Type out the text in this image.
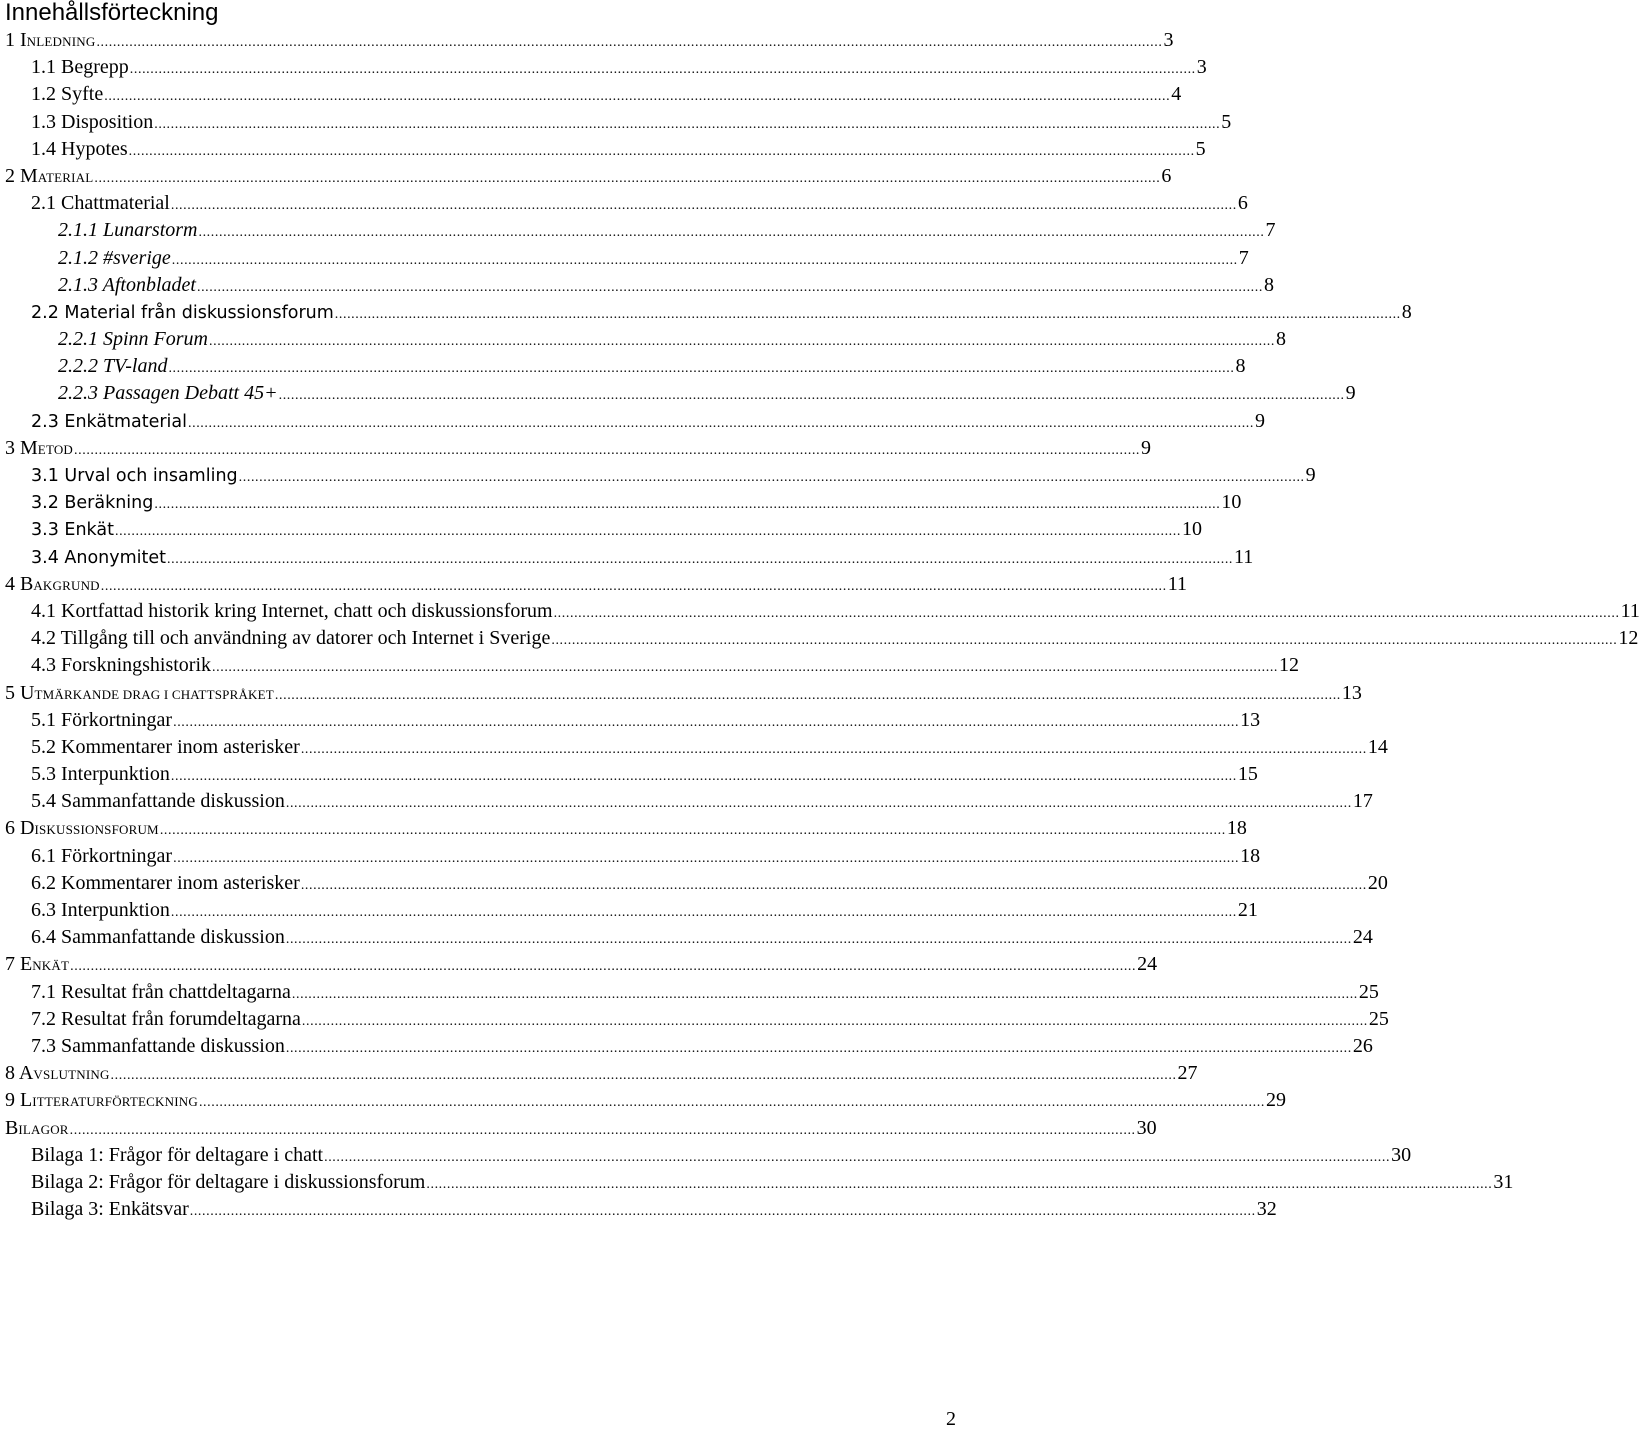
Innehållsförteckning
1 INLEDNING .................................................................................................................................................................................................................................................................... 3
1.1 Begrepp .................................................................................................................................................................................................................................................................... 3
1.2 Syfte .................................................................................................................................................................................................................................................................... 4
1.3 Disposition .................................................................................................................................................................................................................................................................... 5
1.4 Hypotes .................................................................................................................................................................................................................................................................... 5
2 MATERIAL .................................................................................................................................................................................................................................................................... 6
2.1 Chattmaterial .................................................................................................................................................................................................................................................................... 6
2.1.1 Lunarstorm .................................................................................................................................................................................................................................................................... 7
2.1.2 #sverige .................................................................................................................................................................................................................................................................... 7
2.1.3 Aftonbladet .................................................................................................................................................................................................................................................................... 8
2.2 Material från diskussionsforum .................................................................................................................................................................................................................................................................... 8
2.2.1 Spinn Forum .................................................................................................................................................................................................................................................................... 8
2.2.2 TV-land .................................................................................................................................................................................................................................................................... 8
2.2.3 Passagen Debatt 45+ .................................................................................................................................................................................................................................................................... 9
2.3 Enkätmaterial .................................................................................................................................................................................................................................................................... 9
3 METOD .................................................................................................................................................................................................................................................................... 9
3.1 Urval och insamling .................................................................................................................................................................................................................................................................... 9
3.2 Beräkning .................................................................................................................................................................................................................................................................... 10
3.3 Enkät .................................................................................................................................................................................................................................................................... 10
3.4 Anonymitet .................................................................................................................................................................................................................................................................... 11
4 BAKGRUND .................................................................................................................................................................................................................................................................... 11
4.1 Kortfattad historik kring Internet, chatt och diskussionsforum .................................................................................................................................................................................................................................................................... 11
4.2 Tillgång till och användning av datorer och Internet i Sverige .................................................................................................................................................................................................................................................................... 12
4.3 Forskningshistorik .................................................................................................................................................................................................................................................................... 12
5 UTMÄRKANDE DRAG I CHATTSPRÅKET .................................................................................................................................................................................................................................................................... 13
5.1 Förkortningar .................................................................................................................................................................................................................................................................... 13
5.2 Kommentarer inom asterisker .................................................................................................................................................................................................................................................................... 14
5.3 Interpunktion .................................................................................................................................................................................................................................................................... 15
5.4 Sammanfattande diskussion .................................................................................................................................................................................................................................................................... 17
6 DISKUSSIONSFORUM .................................................................................................................................................................................................................................................................... 18
6.1 Förkortningar .................................................................................................................................................................................................................................................................... 18
6.2 Kommentarer inom asterisker .................................................................................................................................................................................................................................................................... 20
6.3 Interpunktion .................................................................................................................................................................................................................................................................... 21
6.4 Sammanfattande diskussion .................................................................................................................................................................................................................................................................... 24
7 ENKÄT .................................................................................................................................................................................................................................................................... 24
7.1 Resultat från chattdeltagarna .................................................................................................................................................................................................................................................................... 25
7.2 Resultat från forumdeltagarna .................................................................................................................................................................................................................................................................... 25
7.3 Sammanfattande diskussion .................................................................................................................................................................................................................................................................... 26
8 AVSLUTNING .................................................................................................................................................................................................................................................................... 27
9 LITTERATURFÖRTECKNING .................................................................................................................................................................................................................................................................... 29
BILAGOR .................................................................................................................................................................................................................................................................... 30
Bilaga 1: Frågor för deltagare i chatt .................................................................................................................................................................................................................................................................... 30
Bilaga 2: Frågor för deltagare i diskussionsforum .................................................................................................................................................................................................................................................................... 31
Bilaga 3: Enkätsvar .................................................................................................................................................................................................................................................................... 32
2
